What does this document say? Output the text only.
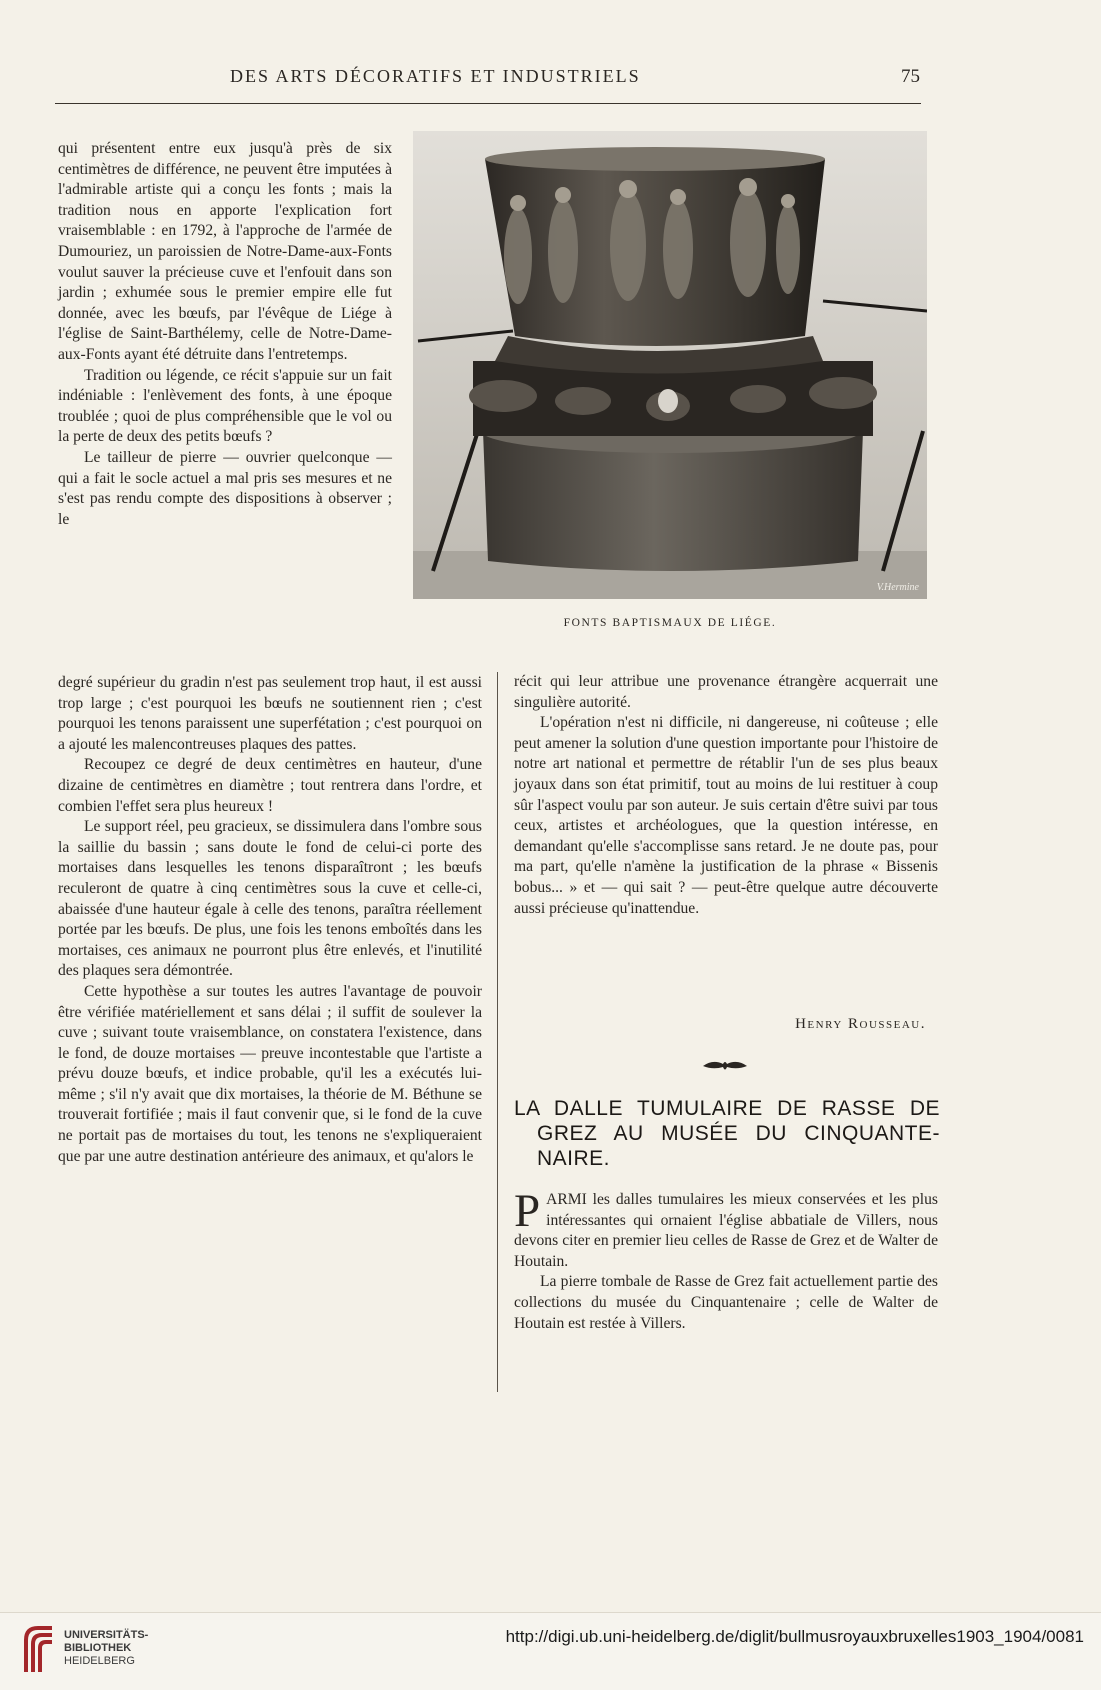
DES ARTS DÉCORATIFS ET INDUSTRIELS	75

qui présentent entre eux jusqu'à près de six centimètres de différence, ne peuvent être imputées à l'admirable artiste qui a conçu les fonts ; mais la tradition nous en apporte l'explication fort vraisemblable : en 1792, à l'approche de l'armée de Dumouriez, un paroissien de Notre-Dame-aux-Fonts voulut sauver la précieuse cuve et l'enfouit dans son jardin ; exhumée sous le premier empire elle fut donnée, avec les bœufs, par l'évêque de Liége à l'église de Saint-Barthélemy, celle de Notre-Dame-aux-Fonts ayant été détruite dans l'entretemps.

Tradition ou légende, ce récit s'appuie sur un fait indéniable : l'enlèvement des fonts, à une époque troublée ; quoi de plus compréhensible que le vol ou la perte de deux des petits bœufs ?

Le tailleur de pierre — ouvrier quelconque — qui a fait le socle actuel a mal pris ses mesures et ne s'est pas rendu compte des dispositions à observer ; le

V.Hermine
FONTS BAPTISMAUX DE LIÉGE.

degré supérieur du gradin n'est pas seulement trop haut, il est aussi trop large ; c'est pourquoi les bœufs ne soutiennent rien ; c'est pourquoi les tenons paraissent une superfétation ; c'est pourquoi on a ajouté les malencontreuses plaques des pattes.

Recoupez ce degré de deux centimètres en hauteur, d'une dizaine de centimètres en diamètre ; tout rentrera dans l'ordre, et combien l'effet sera plus heureux !

Le support réel, peu gracieux, se dissimulera dans l'ombre sous la saillie du bassin ; sans doute le fond de celui-ci porte des mortaises dans lesquelles les tenons disparaîtront ; les bœufs reculeront de quatre à cinq centimètres sous la cuve et celle-ci, abaissée d'une hauteur égale à celle des tenons, paraîtra réellement portée par les bœufs. De plus, une fois les tenons emboîtés dans les mortaises, ces animaux ne pourront plus être enlevés, et l'inutilité des plaques sera démontrée.

Cette hypothèse a sur toutes les autres l'avantage de pouvoir être vérifiée matériellement et sans délai ; il suffit de soulever la cuve ; suivant toute vraisemblance, on constatera l'existence, dans le fond, de douze mortaises — preuve incontestable que l'artiste a prévu douze bœufs, et indice probable, qu'il les a exécutés lui-même ; s'il n'y avait que dix mortaises, la théorie de M. Béthune se trouverait fortifiée ; mais il faut convenir que, si le fond de la cuve ne portait pas de mortaises du tout, les tenons ne s'expliqueraient que par une autre destination antérieure des animaux, et qu'alors le

récit qui leur attribue une provenance étrangère acquerrait une singulière autorité.

L'opération n'est ni difficile, ni dangereuse, ni coûteuse ; elle peut amener la solution d'une question importante pour l'histoire de notre art national et permettre de rétablir l'un de ses plus beaux joyaux dans son état primitif, tout au moins de lui restituer à coup sûr l'aspect voulu par son auteur. Je suis certain d'être suivi par tous ceux, artistes et archéologues, que la question intéresse, en demandant qu'elle s'accomplisse sans retard. Je ne doute pas, pour ma part, qu'elle n'amène la justification de la phrase « Bissenis bobus... » et — qui sait ? — peut-être quelque autre découverte aussi précieuse qu'inattendue.

Henry Rousseau.
LA DALLE TUMULAIRE DE RASSE DE
GREZ AU MUSÉE DU CINQUANTE-
NAIRE.

PARMI les dalles tumulaires les mieux conservées et les plus intéressantes qui ornaient l'église abbatiale de Villers, nous devons citer en premier lieu celles de Rasse de Grez et de Walter de Houtain.

La pierre tombale de Rasse de Grez fait actuellement partie des collections du musée du Cinquantenaire ; celle de Walter de Houtain est restée à Villers.

UNIVERSITÄTS-
BIBLIOTHEK
HEIDELBERG
http://digi.ub.uni-heidelberg.de/diglit/bullmusroyauxbruxelles1903_1904/0081
